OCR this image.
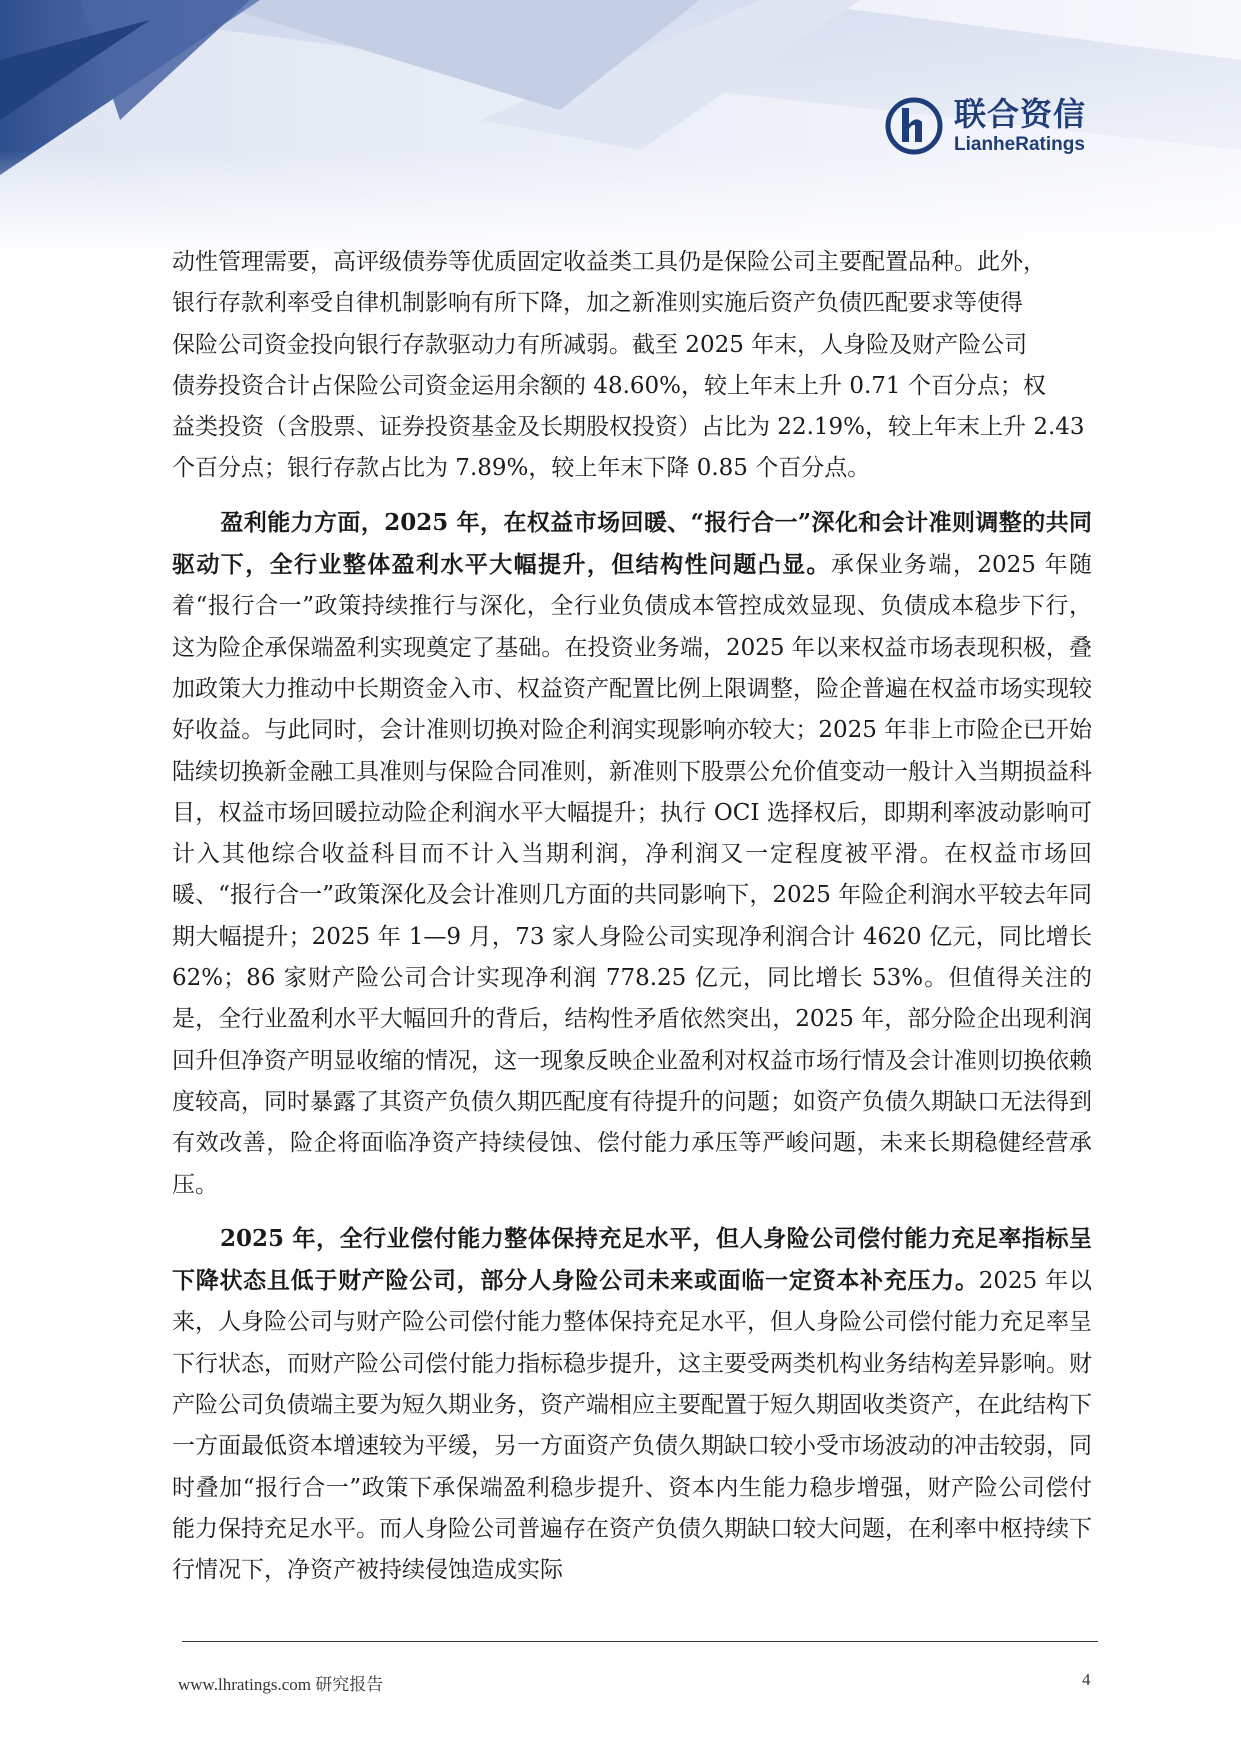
联合资信
LianheRatings
动性管理需要，高评级债券等优质固定收益类工具仍是保险公司主要配置品种。此外，
银行存款利率受自律机制影响有所下降，加之新准则实施后资产负债匹配要求等使得
保险公司资金投向银行存款驱动力有所减弱。截至 2025 年末，人身险及财产险公司
债券投资合计占保险公司资金运用余额的 48.60%，较上年末上升 0.71 个百分点；权
益类投资（含股票、证券投资基金及长期股权投资）占比为 22.19%，较上年末上升 2.43
个百分点；银行存款占比为 7.89%，较上年末下降 0.85 个百分点。

盈利能力方面，2025 年，在权益市场回暖、“报行合一”深化和会计准则调整的共同驱动下，全行业整体盈利水平大幅提升，但结构性问题凸显。承保业务端，2025 年随着“报行合一”政策持续推行与深化，全行业负债成本管控成效显现、负债成本稳步下行，这为险企承保端盈利实现奠定了基础。在投资业务端，2025 年以来权益市场表现积极，叠加政策大力推动中长期资金入市、权益资产配置比例上限调整，险企普遍在权益市场实现较好收益。与此同时，会计准则切换对险企利润实现影响亦较大；2025 年非上市险企已开始陆续切换新金融工具准则与保险合同准则，新准则下股票公允价值变动一般计入当期损益科目，权益市场回暖拉动险企利润水平大幅提升；执行 OCI 选择权后，即期利率波动影响可计入其他综合收益科目而不计入当期利润，净利润又一定程度被平滑。在权益市场回暖、“报行合一”政策深化及会计准则几方面的共同影响下，2025 年险企利润水平较去年同期大幅提升；2025 年 1—9 月，73 家人身险公司实现净利润合计 4620 亿元，同比增长 62%；86 家财产险公司合计实现净利润 778.25 亿元，同比增长 53%。但值得关注的是，全行业盈利水平大幅回升的背后，结构性矛盾依然突出，2025 年，部分险企出现利润回升但净资产明显收缩的情况，这一现象反映企业盈利对权益市场行情及会计准则切换依赖度较高，同时暴露了其资产负债久期匹配度有待提升的问题；如资产负债久期缺口无法得到有效改善，险企将面临净资产持续侵蚀、偿付能力承压等严峻问题，未来长期稳健经营承压。

2025 年，全行业偿付能力整体保持充足水平，但人身险公司偿付能力充足率指标呈下降状态且低于财产险公司，部分人身险公司未来或面临一定资本补充压力。2025 年以来，人身险公司与财产险公司偿付能力整体保持充足水平，但人身险公司偿付能力充足率呈下行状态，而财产险公司偿付能力指标稳步提升，这主要受两类机构业务结构差异影响。财产险公司负债端主要为短久期业务，资产端相应主要配置于短久期固收类资产，在此结构下一方面最低资本增速较为平缓，另一方面资产负债久期缺口较小受市场波动的冲击较弱，同时叠加“报行合一”政策下承保端盈利稳步提升、资本内生能力稳步增强，财产险公司偿付能力保持充足水平。而人身险公司普遍存在资产负债久期缺口较大问题，在利率中枢持续下行情况下，净资产被持续侵蚀造成实际

www.lhratings.com 研究报告	4
